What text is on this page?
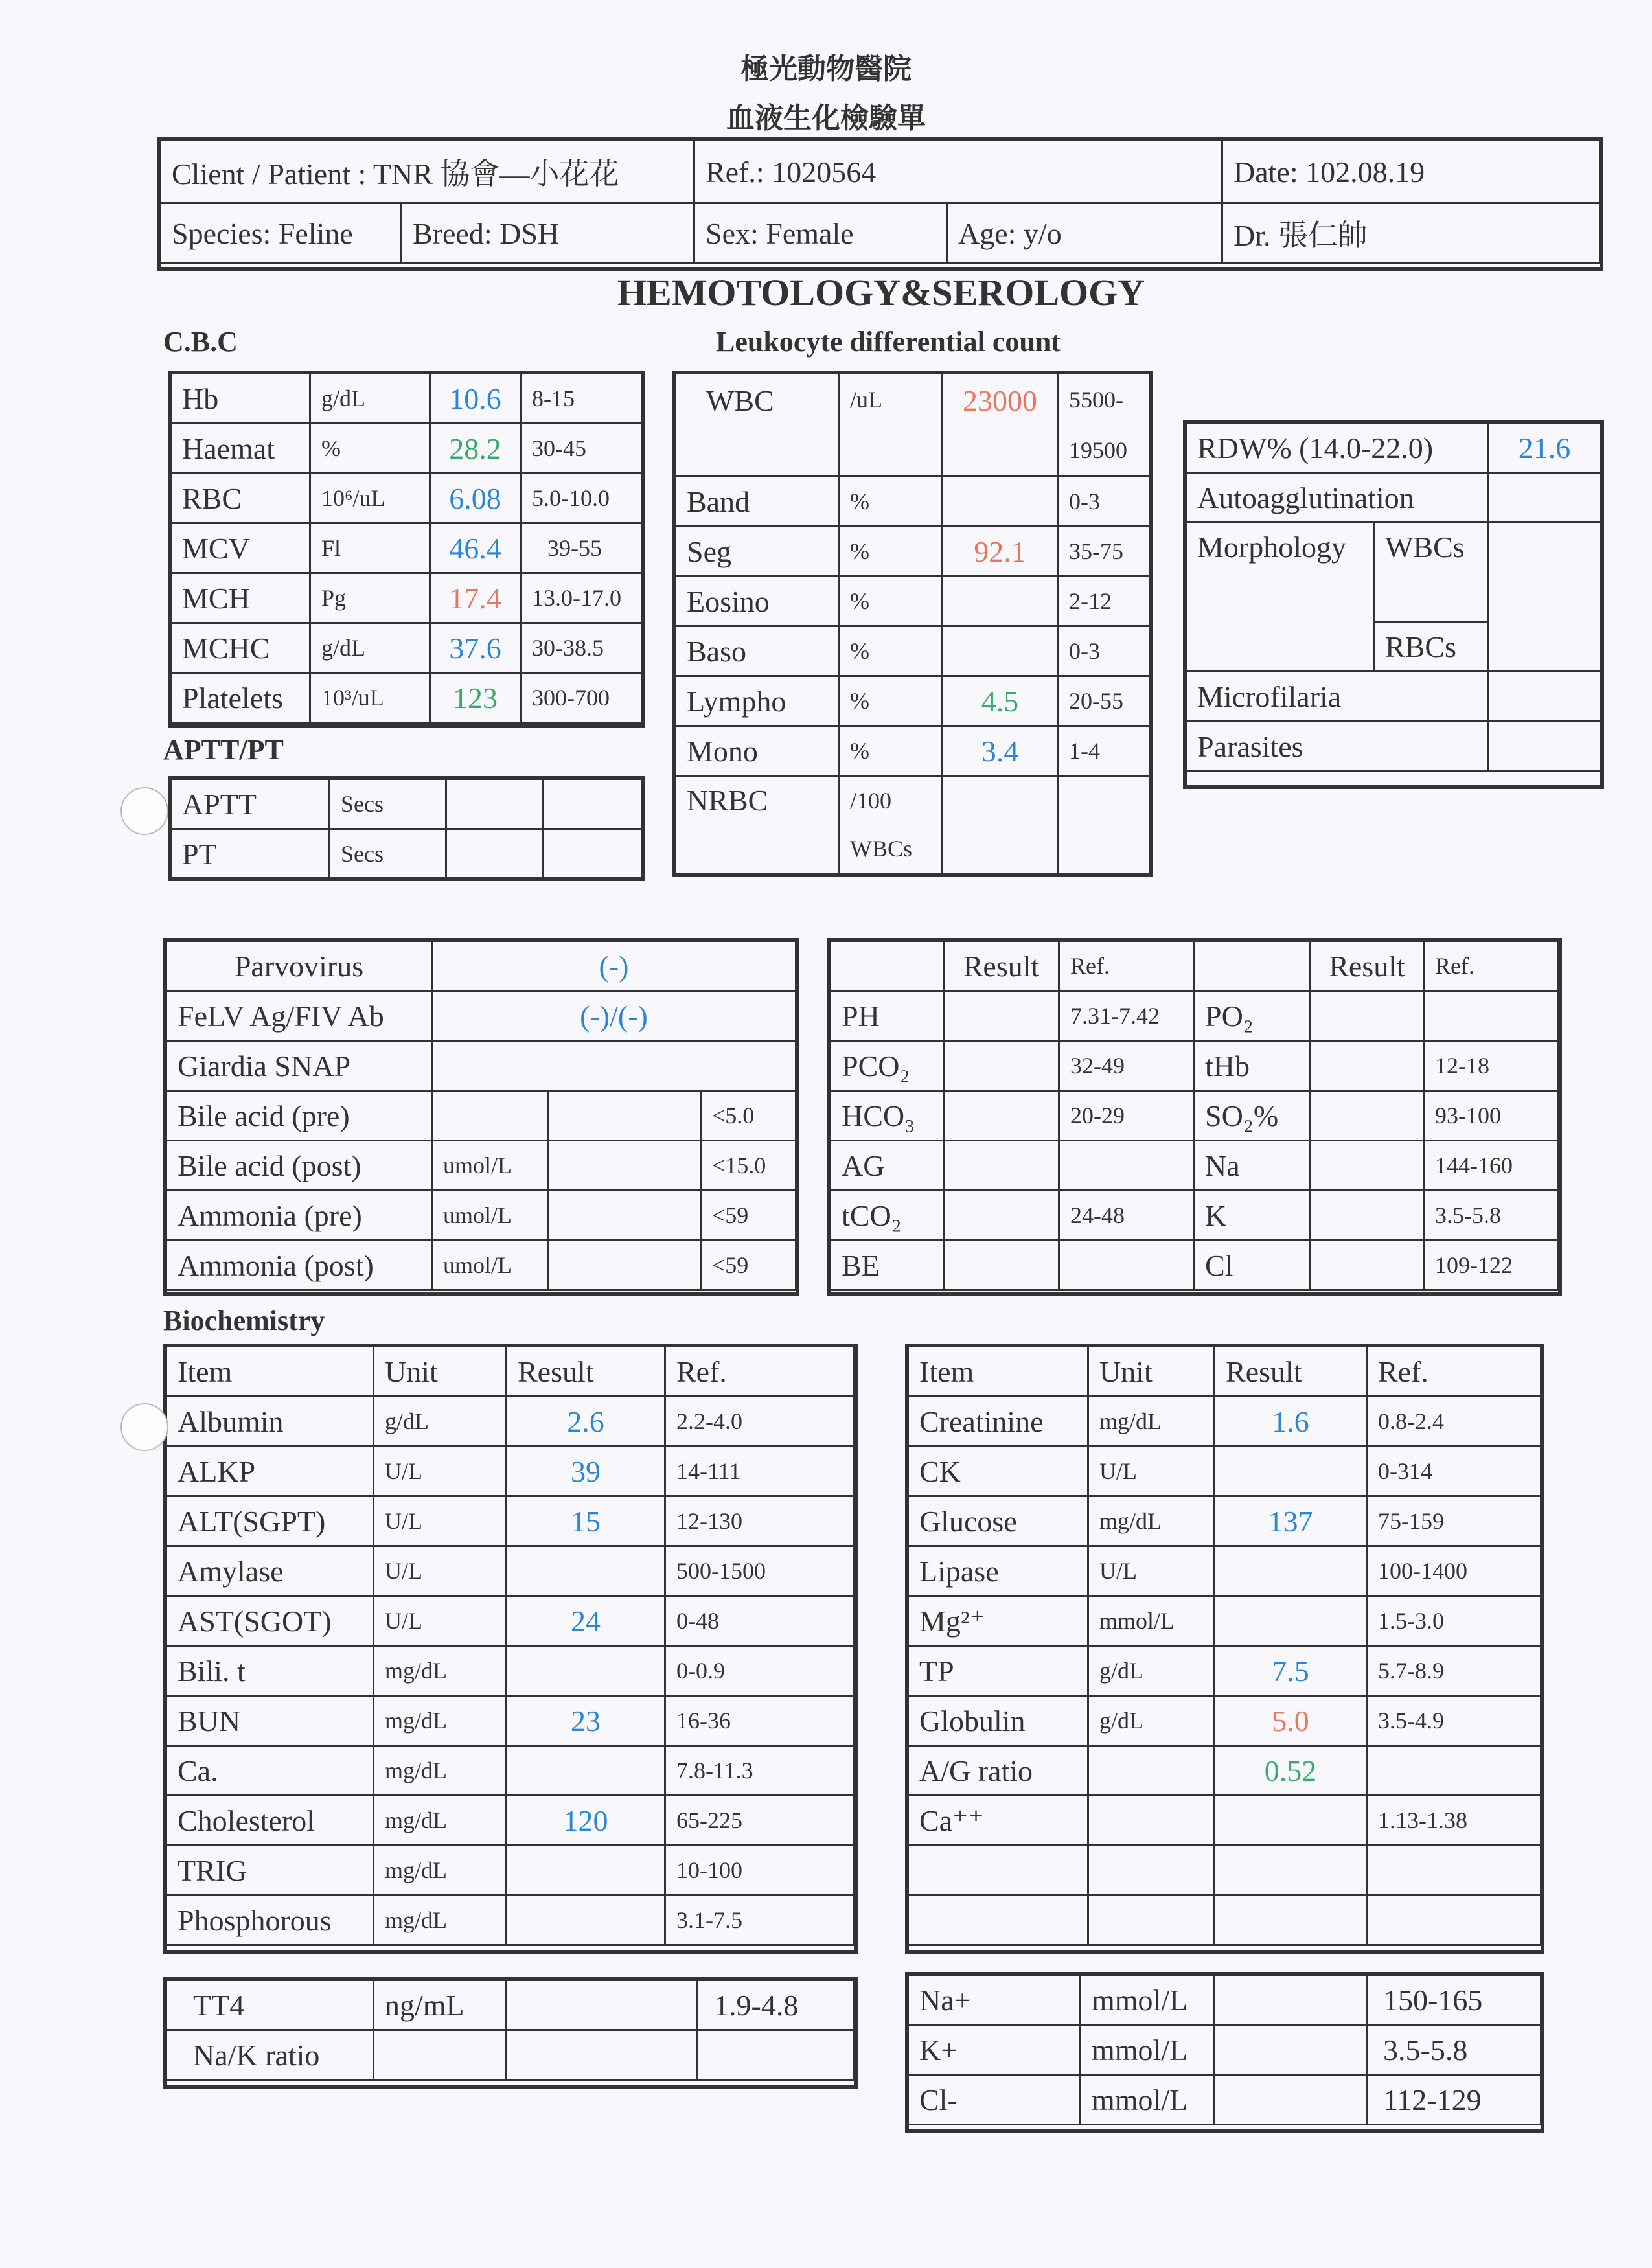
極光動物醫院
血液生化檢驗單
Client / Patient : TNR 協會—小花花		Ref.: 1020564		Date: 102.08.19
Species: Feline	Breed: DSH	Sex: Female	Age: y/o	Dr. 張仁帥
HEMOTOLOGY&SEROLOGY
C.B.C	Leukocyte differential count
Hb	g/dL	10.6	8-15
Haemat	%	28.2	30-45
RBC	10⁶/uL	6.08	5.0-10.0
MCV	Fl	46.4	39-55
MCH	Pg	17.4	13.0-17.0
MCHC	g/dL	37.6	30-38.5
Platelets	10³/uL	123	300-700
APTT/PT
APTT	Secs		
PT	Secs		
WBC	/uL	23000	5500-
19500

Band	%		0-3
Seg	%	92.1	35-75
Eosino	%		2-12
Baso	%		0-3
Lympho	%	4.5	20-55
Mono	%	3.4	1-4
NRBC	/100
WBCs		

RDW% (14.0-22.0)		21.6
Autoagglutination		
Morphology	WBCs	
	RBCs	
Microfilaria		
Parasites		
Parvovirus	(-)		
FeLV Ag/FIV Ab	(-)/(-)		
Giardia SNAP			
Bile acid (pre)			<5.0
Bile acid (post)	umol/L		<15.0
Ammonia (pre)	umol/L		<59
Ammonia (post)	umol/L		<59
	Result	Ref.		Result	Ref.
PH		7.31-7.42	PO₂		
PCO₂		32-49	tHb		12-18
HCO₃		20-29	SO₂%		93-100
AG			Na		144-160
tCO₂		24-48	K		3.5-5.8
BE			Cl		109-122
Biochemistry
Item	Unit	Result	Ref.
Albumin	g/dL	2.6	2.2-4.0
ALKP	U/L	39	14-111
ALT(SGPT)	U/L	15	12-130
Amylase	U/L		500-1500
AST(SGOT)	U/L	24	0-48
Bili. t	mg/dL		0-0.9
BUN	mg/dL	23	16-36
Ca.	mg/dL		7.8-11.3
Cholesterol	mg/dL	120	65-225
TRIG	mg/dL		10-100
Phosphorous	mg/dL		3.1-7.5
Item	Unit	Result	Ref.
Creatinine	mg/dL	1.6	0.8-2.4
CK	U/L		0-314
Glucose	mg/dL	137	75-159
Lipase	U/L		100-1400
Mg²⁺	mmol/L		1.5-3.0
TP	g/dL	7.5	5.7-8.9
Globulin	g/dL	5.0	3.5-4.9
A/G ratio		0.52	
Ca⁺⁺			1.13-1.38

TT4	ng/mL		1.9-4.8
Na/K ratio			
Na+	mmol/L		150-165
K+	mmol/L		3.5-5.8
Cl-	mmol/L		112-129
